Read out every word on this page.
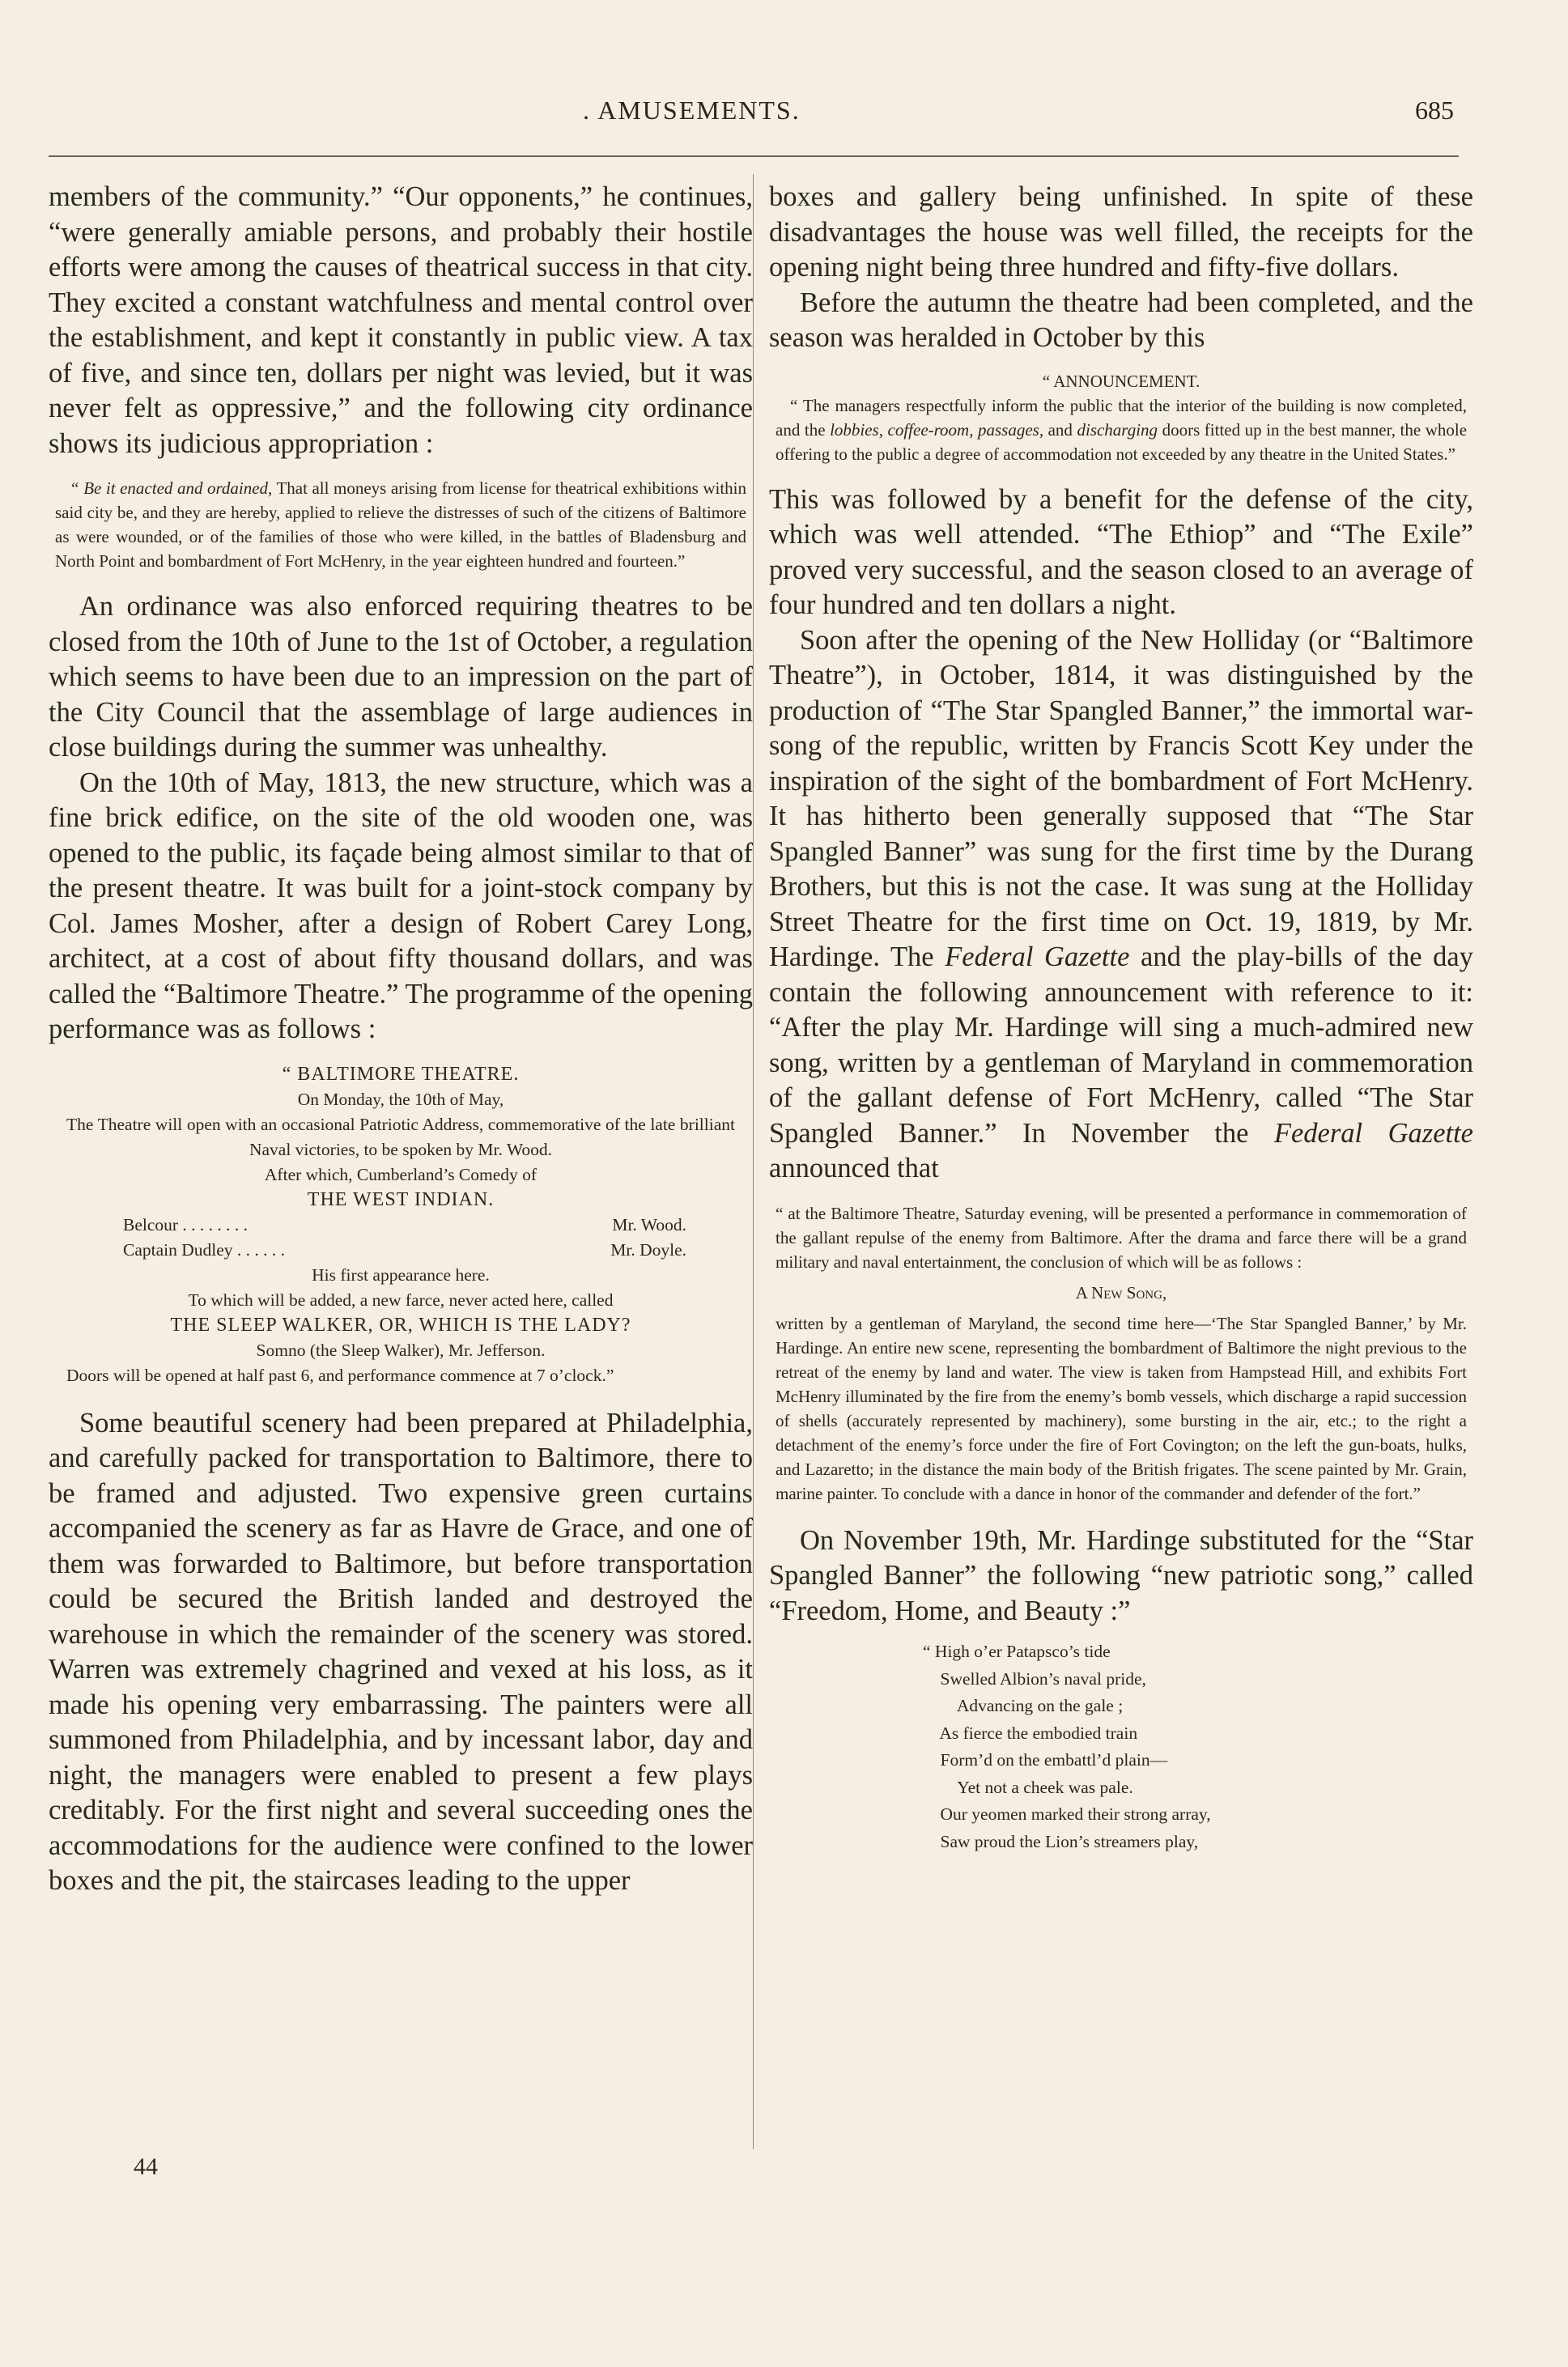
. AMUSEMENTS.	685

members of the community.” “Our opponents,” he continues, “were generally amiable persons, and probably their hostile efforts were among the causes of theatrical success in that city. They excited a constant watchfulness and mental control over the establishment, and kept it constantly in public view. A tax of five, and since ten, dollars per night was levied, but it was never felt as oppressive,” and the following city ordinance shows its judicious appropriation :

“ Be it enacted and ordained, That all moneys arising from license for theatrical exhibitions within said city be, and they are hereby, applied to relieve the distresses of such of the citizens of Baltimore as were wounded, or of the families of those who were killed, in the battles of Bladensburg and North Point and bombardment of Fort McHenry, in the year eighteen hundred and fourteen.”

An ordinance was also enforced requiring theatres to be closed from the 10th of June to the 1st of October, a regulation which seems to have been due to an impression on the part of the City Council that the assemblage of large audiences in close buildings during the summer was unhealthy.

On the 10th of May, 1813, the new structure, which was a fine brick edifice, on the site of the old wooden one, was opened to the public, its façade being almost similar to that of the present theatre. It was built for a joint-stock company by Col. James Mosher, after a design of Robert Carey Long, architect, at a cost of about fifty thousand dollars, and was called the “Baltimore Theatre.” The programme of the opening performance was as follows :

“ BALTIMORE THEATRE.
On Monday, the 10th of May,

The Theatre will open with an occasional Patriotic Address, commemorative of the late brilliant Naval victories, to be spoken by Mr. Wood.

After which, Cumberland’s Comedy of
THE WEST INDIAN.
Belcour . . . . . . . .	Mr. Wood.
Captain Dudley . . . . . .	Mr. Doyle.
His first appearance here.
To which will be added, a new farce, never acted here, called
THE SLEEP WALKER, OR, WHICH IS THE LADY?
Somno (the Sleep Walker), Mr. Jefferson.

Doors will be opened at half past 6, and performance commence at 7 o’clock.”

Some beautiful scenery had been prepared at Philadelphia, and carefully packed for transportation to Baltimore, there to be framed and adjusted. Two expensive green curtains accompanied the scenery as far as Havre de Grace, and one of them was forwarded to Baltimore, but before transportation could be secured the British landed and destroyed the warehouse in which the remainder of the scenery was stored. Warren was extremely chagrined and vexed at his loss, as it made his opening very embarrassing. The painters were all summoned from Philadelphia, and by incessant labor, day and night, the managers were enabled to present a few plays creditably. For the first night and several succeeding ones the accommodations for the audience were confined to the lower boxes and the pit, the staircases leading to the upper

boxes and gallery being unfinished. In spite of these disadvantages the house was well filled, the receipts for the opening night being three hundred and fifty-five dollars.

Before the autumn the theatre had been completed, and the season was heralded in October by this

“ ANNOUNCEMENT.

“ The managers respectfully inform the public that the interior of the building is now completed, and the lobbies, coffee-room, passages, and discharging doors fitted up in the best manner, the whole offering to the public a degree of accommodation not exceeded by any theatre in the United States.”

This was followed by a benefit for the defense of the city, which was well attended. “The Ethiop” and “The Exile” proved very successful, and the season closed to an average of four hundred and ten dollars a night.

Soon after the opening of the New Holliday (or “Baltimore Theatre”), in October, 1814, it was distinguished by the production of “The Star Spangled Banner,” the immortal war-song of the republic, written by Francis Scott Key under the inspiration of the sight of the bombardment of Fort McHenry. It has hitherto been generally supposed that “The Star Spangled Banner” was sung for the first time by the Durang Brothers, but this is not the case. It was sung at the Holliday Street Theatre for the first time on Oct. 19, 1819, by Mr. Hardinge. The Federal Gazette and the play-bills of the day contain the following announcement with reference to it: “After the play Mr. Hardinge will sing a much-admired new song, written by a gentleman of Maryland in commemoration of the gallant defense of Fort McHenry, called “The Star Spangled Banner.” In November the Federal Gazette announced that

“ at the Baltimore Theatre, Saturday evening, will be presented a performance in commemoration of the gallant repulse of the enemy from Baltimore. After the drama and farce there will be a grand military and naval entertainment, the conclusion of which will be as follows :

A New Song,

written by a gentleman of Maryland, the second time here—‘The Star Spangled Banner,’ by Mr. Hardinge. An entire new scene, representing the bombardment of Baltimore the night previous to the retreat of the enemy by land and water. The view is taken from Hampstead Hill, and exhibits Fort McHenry illuminated by the fire from the enemy’s bomb vessels, which discharge a rapid succession of shells (accurately represented by machinery), some bursting in the air, etc.; to the right a detachment of the enemy’s force under the fire of Fort Covington; on the left the gun-boats, hulks, and Lazaretto; in the distance the main body of the British frigates. The scene painted by Mr. Grain, marine painter. To conclude with a dance in honor of the commander and defender of the fort.”

On November 19th, Mr. Hardinge substituted for the “Star Spangled Banner” the following “new patriotic song,” called “Freedom, Home, and Beauty :”

“ High o’er Patapsco’s tide
Swelled Albion’s naval pride,
Advancing on the gale ;
As fierce the embodied train
Form’d on the embattl’d plain—
Yet not a cheek was pale.
Our yeomen marked their strong array,
Saw proud the Lion’s streamers play,
44
